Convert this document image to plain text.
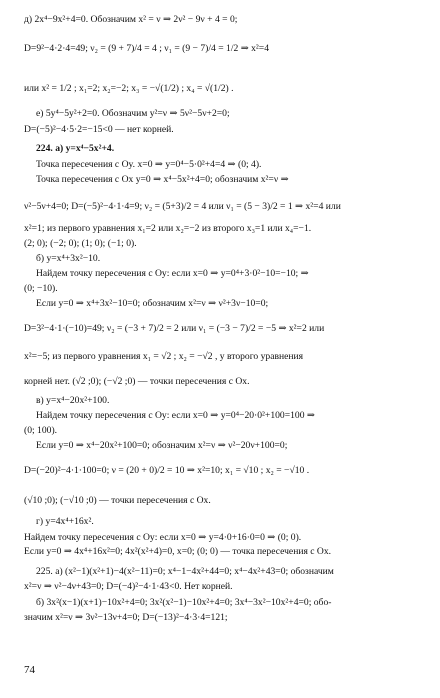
д) 2x⁴−9x²+4=0. Обозначим x² = ν ⇒ 2ν² − 9ν + 4 = 0;
D=9²−4·2·4=49; ν₂ = (9 + 7)/4 = 4 ; ν₁ = (9 − 7)/4 = 1/2 ⇒ x²=4
или x² = 1/2 ; x₁=2; x₂=−2; x₃ = −√(1/2) ; x₄ = √(1/2) .
е) 5y⁴−5y²+2=0. Обозначим y²=ν ⇒ 5ν²−5ν+2=0;
D=(−5)²−4·5·2=−15<0 — нет корней.
224. а) y=x⁴−5x²+4.
Точка пересечения с Oy. x=0 ⇒ y=0⁴−5·0²+4=4 ⇒ (0; 4).
Точка пересечения с Ox y=0 ⇒ x⁴−5x²+4=0; обозначим x²=ν ⇒
ν²−5ν+4=0; D=(−5)²−4·1·4=9; ν₂ = (5+3)/2 = 4 или ν₁ = (5 − 3)/2 = 1 ⇒ x²=4 или
x²=1; из первого уравнения x₁=2 или x₂=−2 из второго x₃=1 или x₄=−1.
(2; 0); (−2; 0); (1; 0); (−1; 0).
б) y=x⁴+3x²−10.
Найдем точку пересечения с Oy: если x=0 ⇒ y=0⁴+3·0²−10=−10; ⇒
(0; −10).
Если y=0 ⇒ x⁴+3x²−10=0; обозначим x²=ν ⇒ ν²+3ν−10=0;
D=3²−4·1·(−10)=49; ν₂ = (−3 + 7)/2 = 2 или ν₁ = (−3 − 7)/2 = −5 ⇒ x²=2 или
x²=−5; из первого уравнения x₁ = √2 ; x₂ = −√2 , у второго уравнения
корней нет. (√2 ;0); (−√2 ;0) — точки пересечения с Ox.
в) y=x⁴−20x²+100.
Найдем точку пересечения с Oy: если x=0 ⇒ y=0⁴−20·0²+100=100 ⇒
(0; 100).
Если y=0 ⇒ x⁴−20x²+100=0; обозначим x²=ν ⇒ ν²−20ν+100=0;
D=(−20)²−4·1·100=0; ν = (20 + 0)/2 = 10 ⇒ x²=10; x₁ = √10 ; x₂ = −√10 .
(√10 ;0); (−√10 ;0) — точки пересечения с Ox.
г) y=4x⁴+16x².
Найдем точку пересечения с Oy: если x=0 ⇒ y=4·0+16·0=0 ⇒ (0; 0).
Если y=0 ⇒ 4x⁴+16x²=0; 4x²(x²+4)=0, x=0; (0; 0) — точка пересечения с Ox.
225. а) (x²−1)(x²+1)−4(x²−11)=0; x⁴−1−4x²+44=0; x⁴−4x²+43=0; обозначим
x²=ν ⇒ ν²−4ν+43=0; D=(−4)²−4·1·43<0. Нет корней.
б) 3x²(x−1)(x+1)−10x²+4=0; 3x²(x²−1)−10x²+4=0; 3x⁴−3x²−10x²+4=0; обо-
значим x²=ν ⇒ 3ν²−13ν+4=0; D=(−13)²−4·3·4=121;
74
